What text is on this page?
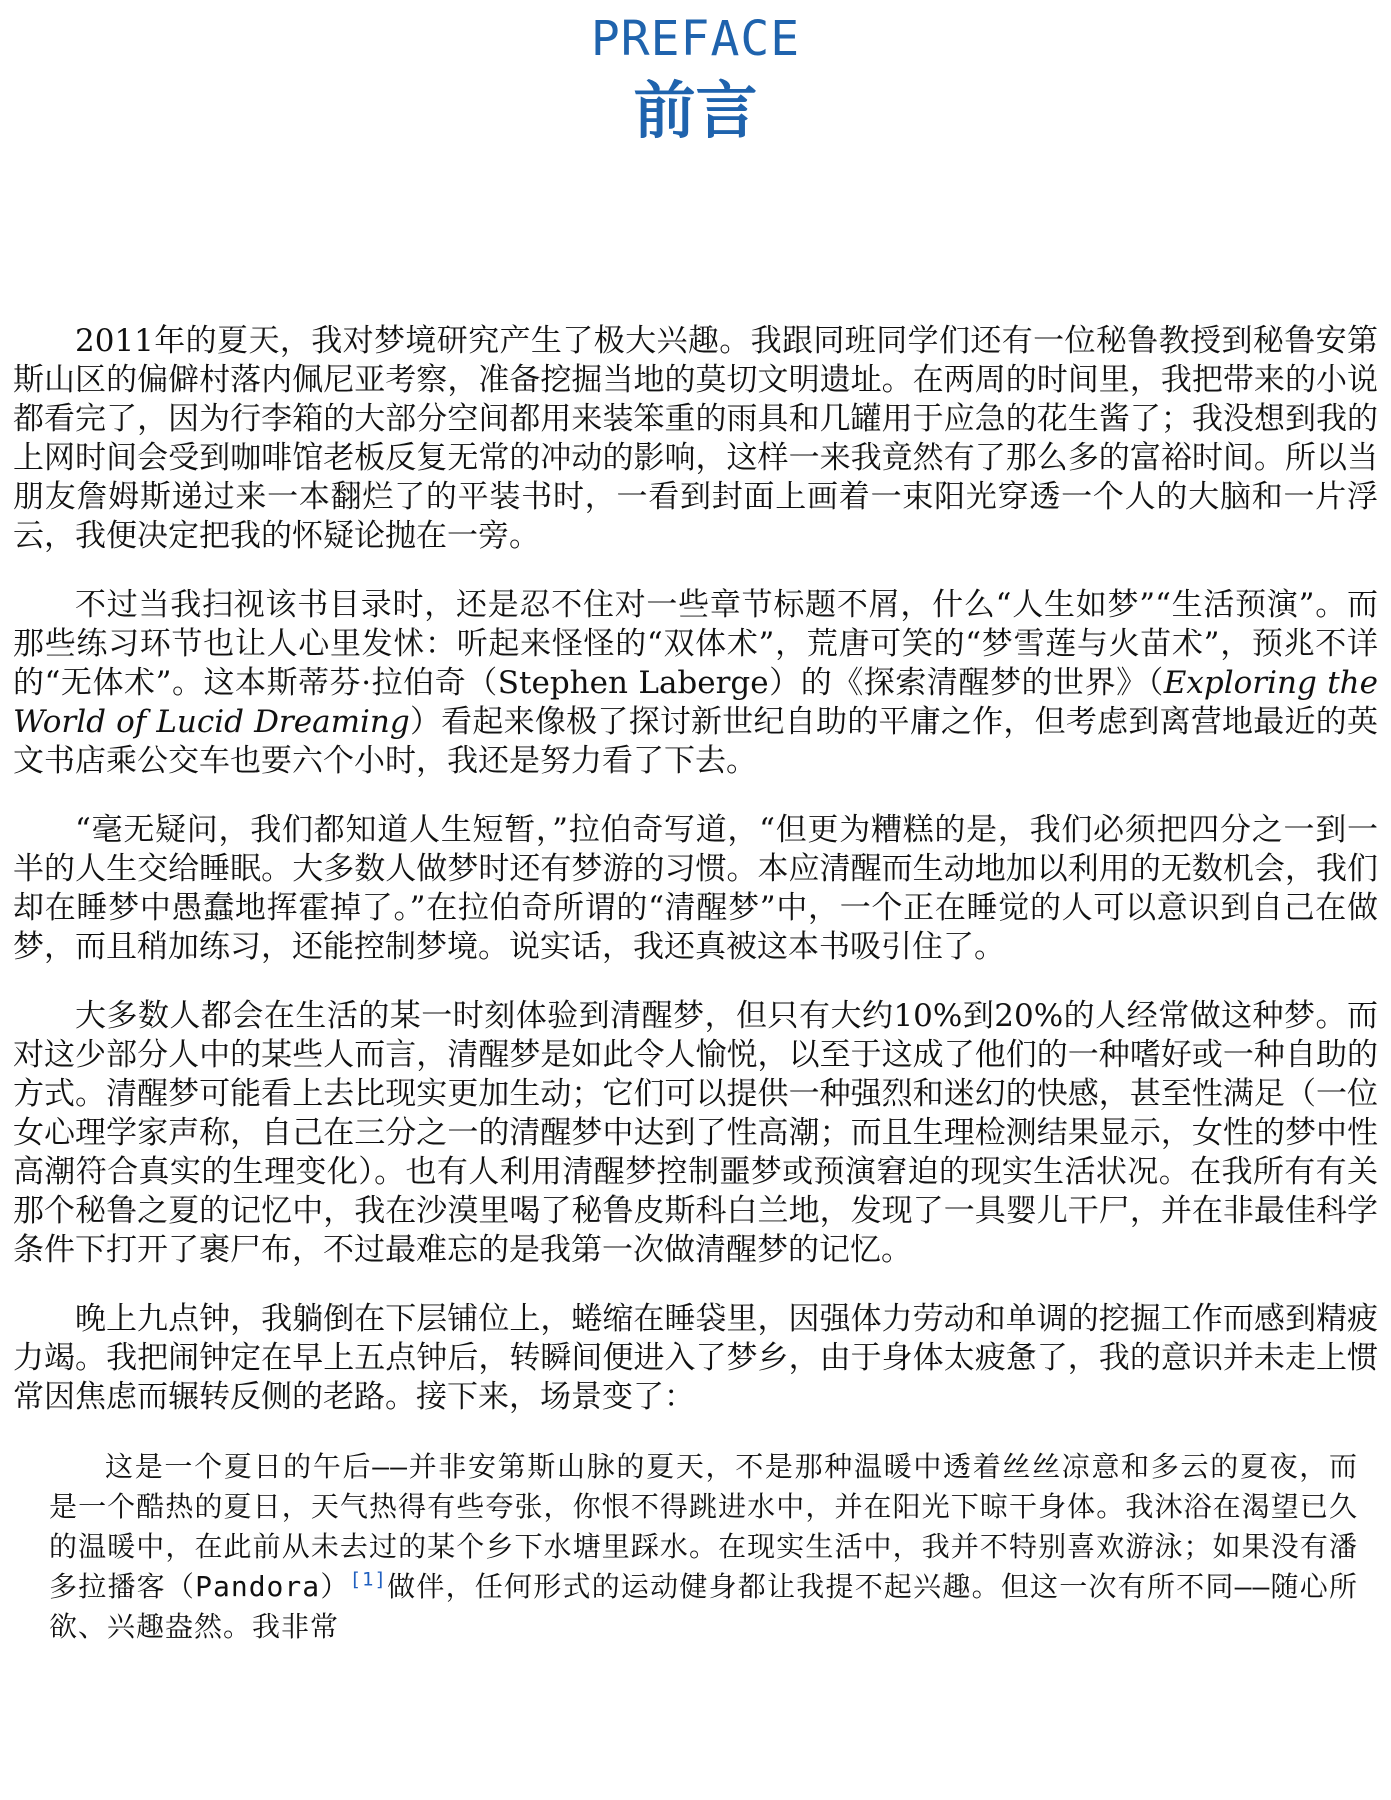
PREFACE
前言

2011年的夏天，我对梦境研究产生了极大兴趣。我跟同班同学们还有一位秘鲁教授到秘鲁安第斯山区的偏僻村落内佩尼亚考察，准备挖掘当地的莫切文明遗址。在两周的时间里，我把带来的小说都看完了，因为行李箱的大部分空间都用来装笨重的雨具和几罐用于应急的花生酱了；我没想到我的上网时间会受到咖啡馆老板反复无常的冲动的影响，这样一来我竟然有了那么多的富裕时间。所以当朋友詹姆斯递过来一本翻烂了的平装书时，一看到封面上画着一束阳光穿透一个人的大脑和一片浮云，我便决定把我的怀疑论抛在一旁。

不过当我扫视该书目录时，还是忍不住对一些章节标题不屑，什么“人生如梦”“生活预演”。而那些练习环节也让人心里发怵：听起来怪怪的“双体术”，荒唐可笑的“梦雪莲与火苗术”，预兆不详的“无体术”。这本斯蒂芬·拉伯奇（Stephen Laberge）的《探索清醒梦的世界》（Exploring the World of Lucid Dreaming）看起来像极了探讨新世纪自助的平庸之作，但考虑到离营地最近的英文书店乘公交车也要六个小时，我还是努力看了下去。

“毫无疑问，我们都知道人生短暂，”拉伯奇写道，“但更为糟糕的是，我们必须把四分之一到一半的人生交给睡眠。大多数人做梦时还有梦游的习惯。本应清醒而生动地加以利用的无数机会，我们却在睡梦中愚蠢地挥霍掉了。”在拉伯奇所谓的“清醒梦”中，一个正在睡觉的人可以意识到自己在做梦，而且稍加练习，还能控制梦境。说实话，我还真被这本书吸引住了。

大多数人都会在生活的某一时刻体验到清醒梦，但只有大约10%到20%的人经常做这种梦。而对这少部分人中的某些人而言，清醒梦是如此令人愉悦，以至于这成了他们的一种嗜好或一种自助的方式。清醒梦可能看上去比现实更加生动；它们可以提供一种强烈和迷幻的快感，甚至性满足（一位女心理学家声称，自己在三分之一的清醒梦中达到了性高潮；而且生理检测结果显示，女性的梦中性高潮符合真实的生理变化）。也有人利用清醒梦控制噩梦或预演窘迫的现实生活状况。在我所有有关那个秘鲁之夏的记忆中，我在沙漠里喝了秘鲁皮斯科白兰地，发现了一具婴儿干尸，并在非最佳科学条件下打开了裹尸布，不过最难忘的是我第一次做清醒梦的记忆。

晚上九点钟，我躺倒在下层铺位上，蜷缩在睡袋里，因强体力劳动和单调的挖掘工作而感到精疲力竭。我把闹钟定在早上五点钟后，转瞬间便进入了梦乡，由于身体太疲惫了，我的意识并未走上惯常因焦虑而辗转反侧的老路。接下来，场景变了：

这是一个夏日的午后——并非安第斯山脉的夏天，不是那种温暖中透着丝丝凉意和多云的夏夜，而是一个酷热的夏日，天气热得有些夸张，你恨不得跳进水中，并在阳光下晾干身体。我沐浴在渴望已久的温暖中，在此前从未去过的某个乡下水塘里踩水。在现实生活中，我并不特别喜欢游泳；如果没有潘多拉播客（Pandora）[1]做伴，任何形式的运动健身都让我提不起兴趣。但这一次有所不同——随心所欲、兴趣盎然。我非常
